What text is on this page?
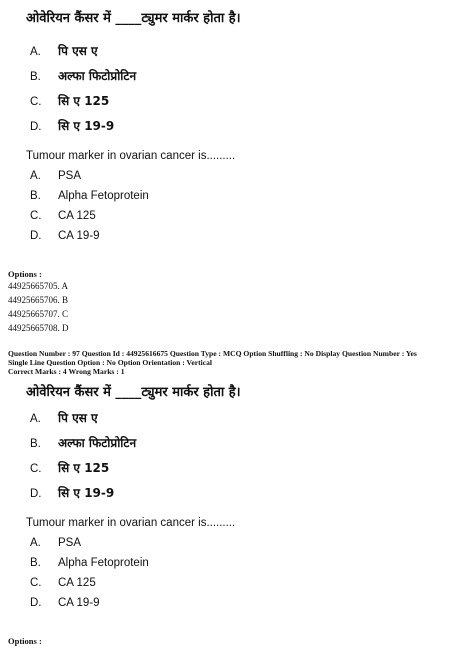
ओवेरियन कैंसर में ____ट्युमर मार्कर होता है।
A. पि एस ए
B. अल्फा फिटोप्रोटिन
C. सि ए 125
D. सि ए 19-9
Tumour marker in ovarian cancer is.........
A. PSA
B. Alpha Fetoprotein
C. CA 125
D. CA 19-9
Options :
44925665705. A
44925665706. B
44925665707. C
44925665708. D
Question Number : 97 Question Id : 44925616675 Question Type : MCQ Option Shuffling : No Display Question Number : Yes
Single Line Question Option : No Option Orientation : Vertical
Correct Marks : 4 Wrong Marks : 1
ओवेरियन कैंसर में ____ट्युमर मार्कर होता है।
A. पि एस ए
B. अल्फा फिटोप्रोटिन
C. सि ए 125
D. सि ए 19-9
Tumour marker in ovarian cancer is.........
A. PSA
B. Alpha Fetoprotein
C. CA 125
D. CA 19-9
Options :
